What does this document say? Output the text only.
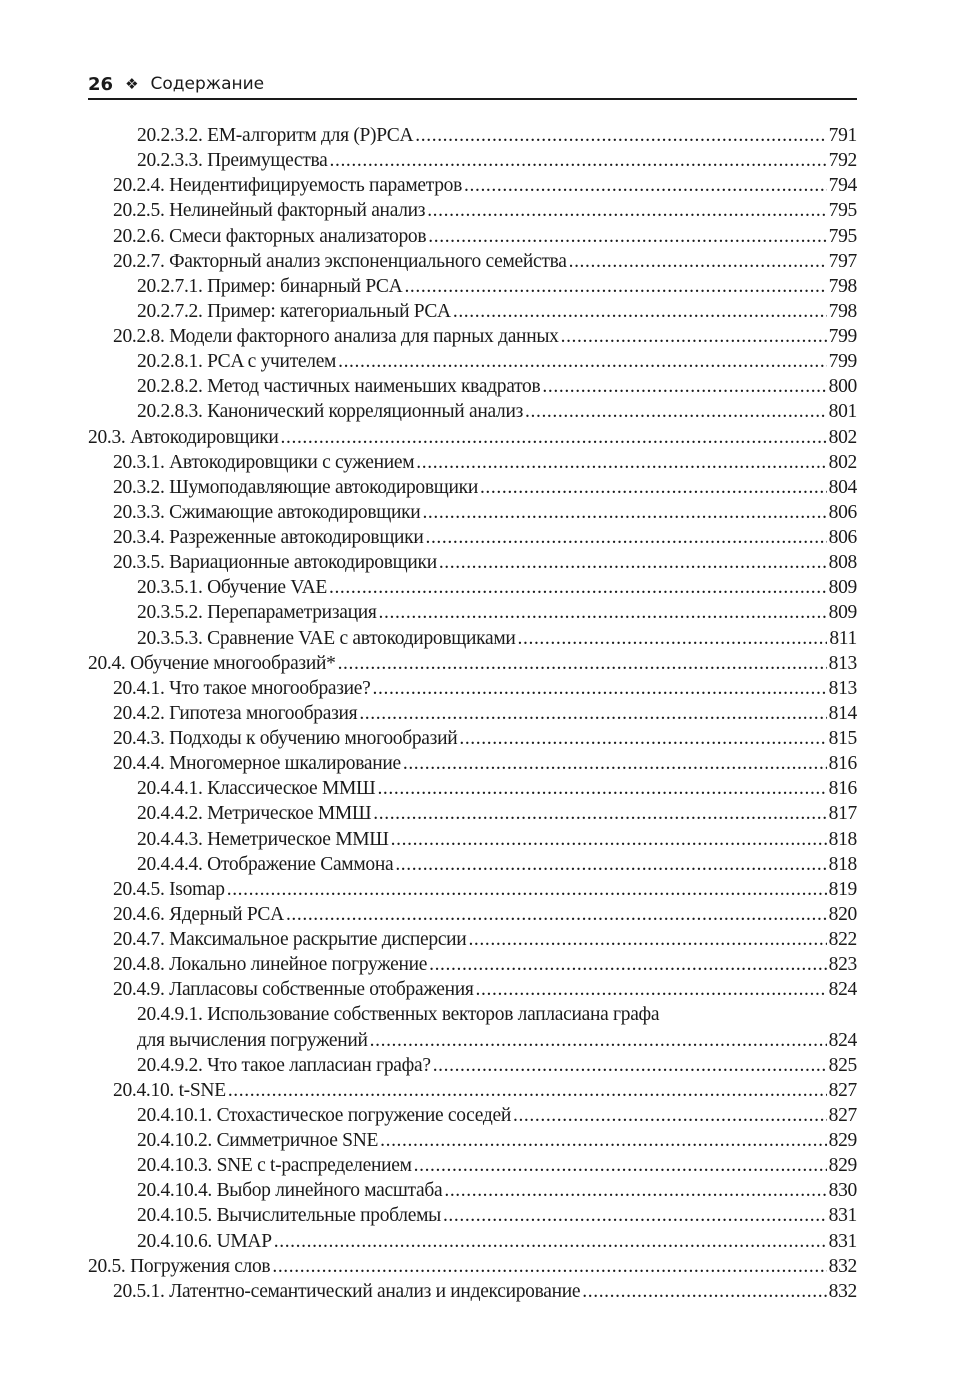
26 ❖ Содержание
20.2.3.2. EM-алгоритм для (P)PCA .....	791
20.2.3.3. Преимущества .....	792
20.2.4. Неидентифицируемость параметров .....	794
20.2.5. Нелинейный факторный анализ .....	795
20.2.6. Смеси факторных анализаторов .....	795
20.2.7. Факторный анализ экспоненциального семейства .....	797
20.2.7.1. Пример: бинарный PCA .....	798
20.2.7.2. Пример: категориальный PCA .....	798
20.2.8. Модели факторного анализа для парных данных .....	799
20.2.8.1. PCA с учителем .....	799
20.2.8.2. Метод частичных наименьших квадратов .....	800
20.2.8.3. Канонический корреляционный анализ .....	801
20.3. Автокодировщики .....	802
20.3.1. Автокодировщики с сужением .....	802
20.3.2. Шумоподавляющие автокодировщики .....	804
20.3.3. Сжимающие автокодировщики .....	806
20.3.4. Разреженные автокодировщики .....	806
20.3.5. Вариационные автокодировщики .....	808
20.3.5.1. Обучение VAE .....	809
20.3.5.2. Перепараметризация .....	809
20.3.5.3. Сравнение VAE с автокодировщиками .....	811
20.4. Обучение многообразий* .....	813
20.4.1. Что такое многообразие? .....	813
20.4.2. Гипотеза многообразия .....	814
20.4.3. Подходы к обучению многообразий .....	815
20.4.4. Многомерное шкалирование .....	816
20.4.4.1. Классическое МMШ .....	816
20.4.4.2. Метрическое МMШ .....	817
20.4.4.3. Неметрическое МMШ .....	818
20.4.4.4. Отображение Саммона .....	818
20.4.5. Isomap .....	819
20.4.6. Ядерный PCA .....	820
20.4.7. Максимальное раскрытие дисперсии .....	822
20.4.8. Локально линейное погружение .....	823
20.4.9. Лапласовы собственные отображения .....	824
20.4.9.1. Использование собственных векторов лапласиана графа
для вычисления погружений .....	824
20.4.9.2. Что такое лапласиан графа? .....	825
20.4.10. t-SNE .....	827
20.4.10.1. Стохастическое погружение соседей .....	827
20.4.10.2. Симметричное SNE .....	829
20.4.10.3. SNE с t-распределением .....	829
20.4.10.4. Выбор линейного масштаба .....	830
20.4.10.5. Вычислительные проблемы .....	831
20.4.10.6. UMAP .....	831
20.5. Погружения слов .....	832
20.5.1. Латентно-семантический анализ и индексирование .....	832
